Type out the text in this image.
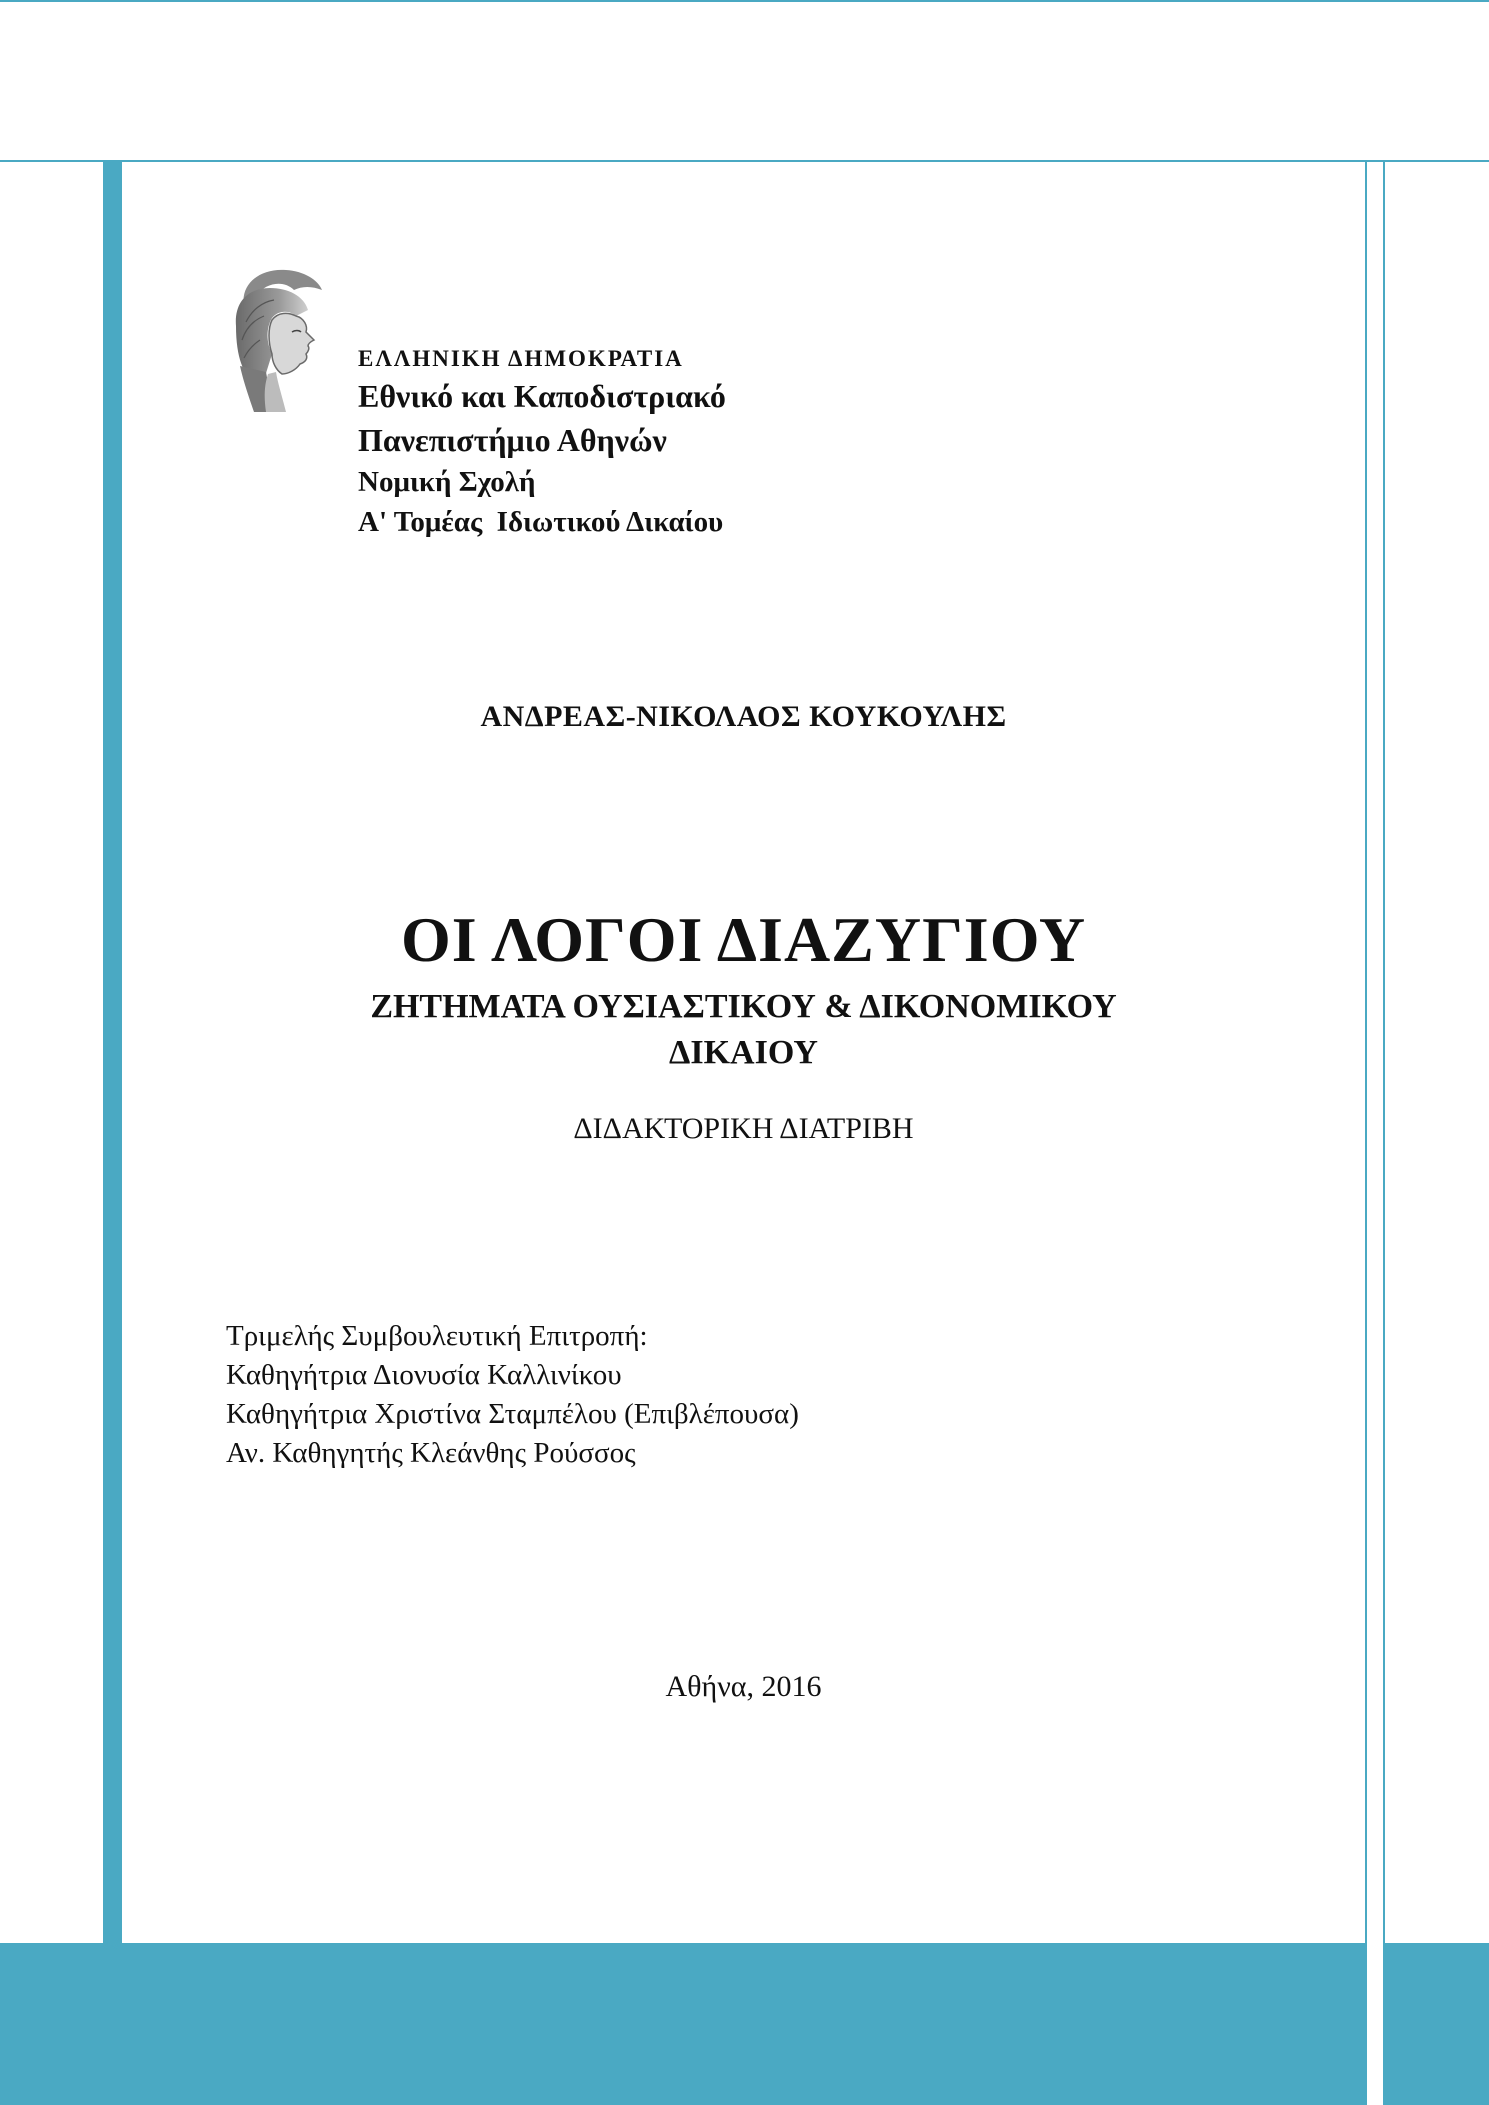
ΕΛΛΗΝΙΚΗ ΔΗΜΟΚΡΑΤΙΑ
Εθνικό και Καποδιστριακό
Πανεπιστήμιο Αθηνών
Νομική Σχολή
Α' Τομέας  Ιδιωτικού Δικαίου
ΑΝΔΡΕΑΣ-ΝΙΚΟΛΑΟΣ ΚΟΥΚΟΥΛΗΣ
ΟΙ ΛΟΓΟΙ ΔΙΑΖΥΓΙΟΥ
ΖΗΤΗΜΑΤΑ ΟΥΣΙΑΣΤΙΚΟΥ & ΔΙΚΟΝΟΜΙΚΟΥ
ΔΙΚΑΙΟΥ
ΔΙΔΑΚΤΟΡΙΚΗ ΔΙΑΤΡΙΒΗ
Τριμελής Συμβουλευτική Επιτροπή:
Καθηγήτρια Διονυσία Καλλινίκου
Καθηγήτρια Χριστίνα Σταμπέλου (Επιβλέπουσα)
Αν. Καθηγητής Κλεάνθης Ρούσσος
Αθήνα, 2016
